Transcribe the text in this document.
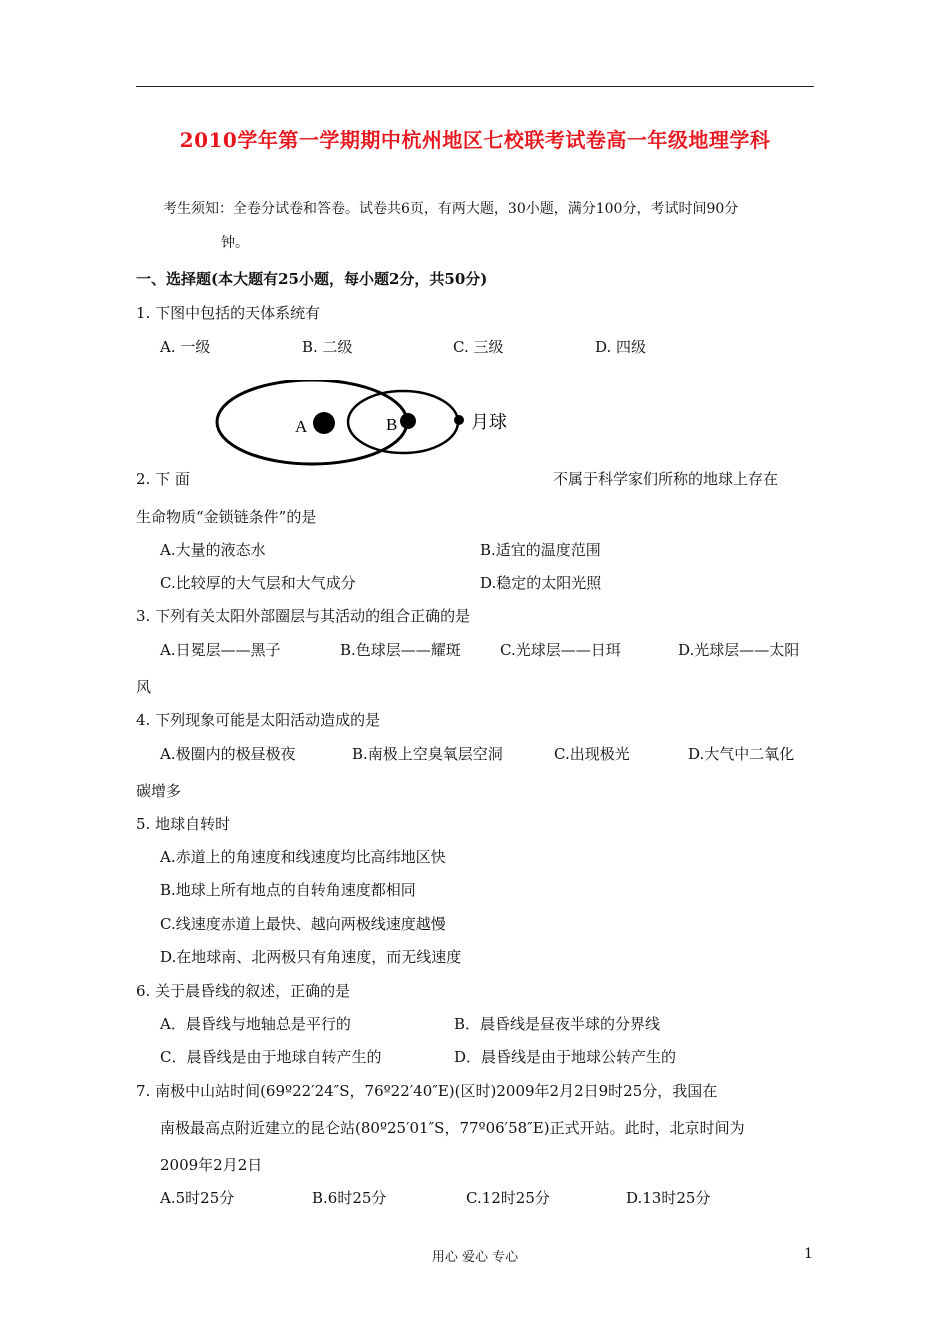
2010学年第一学期期中杭州地区七校联考试卷高一年级地理学科
考生须知：全卷分试卷和答卷。试卷共6页，有两大题，30小题，满分100分，考试时间90分
钟。
一、选择题(本大题有25小题，每小题2分，共50分)
1. 下图中包括的天体系统有
A. 一级	B. 二级	C. 三级	D. 四级
A	B	月球
2. 下 面	不属于科学家们所称的地球上存在
生命物质“金锁链条件”的是
A.大量的液态水	B.适宜的温度范围
C.比较厚的大气层和大气成分	D.稳定的太阳光照
3. 下列有关太阳外部圈层与其活动的组合正确的是
A.日冕层——黑子	B.色球层——耀斑	C.光球层——日珥	D.光球层——太阳
风
4. 下列现象可能是太阳活动造成的是
A.极圈内的极昼极夜	B.南极上空臭氧层空洞	C.出现极光	D.大气中二氧化
碳增多
5. 地球自转时
A.赤道上的角速度和线速度均比高纬地区快
B.地球上所有地点的自转角速度都相同
C.线速度赤道上最快、越向两极线速度越慢
D.在地球南、北两极只有角速度，而无线速度
6. 关于晨昏线的叙述，正确的是
A．晨昏线与地轴总是平行的	B．晨昏线是昼夜半球的分界线
C．晨昏线是由于地球自转产生的	D．晨昏线是由于地球公转产生的
7. 南极中山站时间(69º22′24″S，76º22′40″E)(区时)2009年2月2日9时25分，我国在
南极最高点附近建立的昆仑站(80º25′01″S，77º06′58″E)正式开站。此时，北京时间为
2009年2月2日
A.5时25分	B.6时25分	C.12时25分	D.13时25分
用心 爱心 专心	1
